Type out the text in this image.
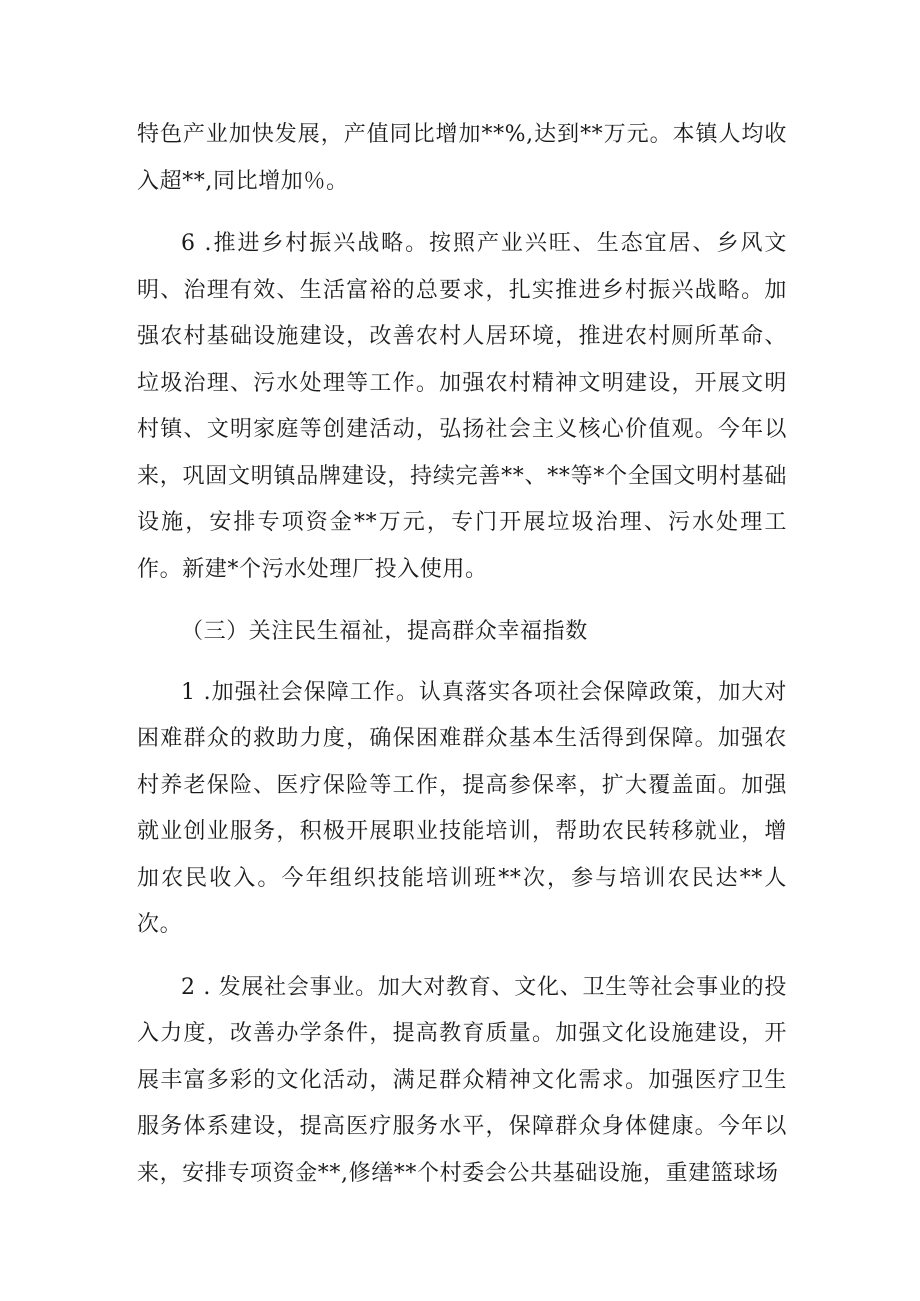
特色产业加快发展，产值同比增加**%,达到**万元。本镇人均收入超**,同比增加％。

6 .推进乡村振兴战略。按照产业兴旺、生态宜居、乡风文明、治理有效、生活富裕的总要求，扎实推进乡村振兴战略。加强农村基础设施建设，改善农村人居环境，推进农村厕所革命、垃圾治理、污水处理等工作。加强农村精神文明建设，开展文明村镇、文明家庭等创建活动，弘扬社会主义核心价值观。今年以来，巩固文明镇品牌建设，持续完善**、**等*个全国文明村基础设施，安排专项资金**万元，专门开展垃圾治理、污水处理工作。新建*个污水处理厂投入使用。

（三）关注民生福祉，提高群众幸福指数

1 .加强社会保障工作。认真落实各项社会保障政策，加大对困难群众的救助力度，确保困难群众基本生活得到保障。加强农村养老保险、医疗保险等工作，提高参保率，扩大覆盖面。加强就业创业服务，积极开展职业技能培训，帮助农民转移就业，增加农民收入。今年组织技能培训班**次，参与培训农民达**人次。

2 . 发展社会事业。加大对教育、文化、卫生等社会事业的投入力度，改善办学条件，提高教育质量。加强文化设施建设，开展丰富多彩的文化活动，满足群众精神文化需求。加强医疗卫生服务体系建设，提高医疗服务水平，保障群众身体健康。今年以来，安排专项资金**,修缮**个村委会公共基础设施，重建篮球场
